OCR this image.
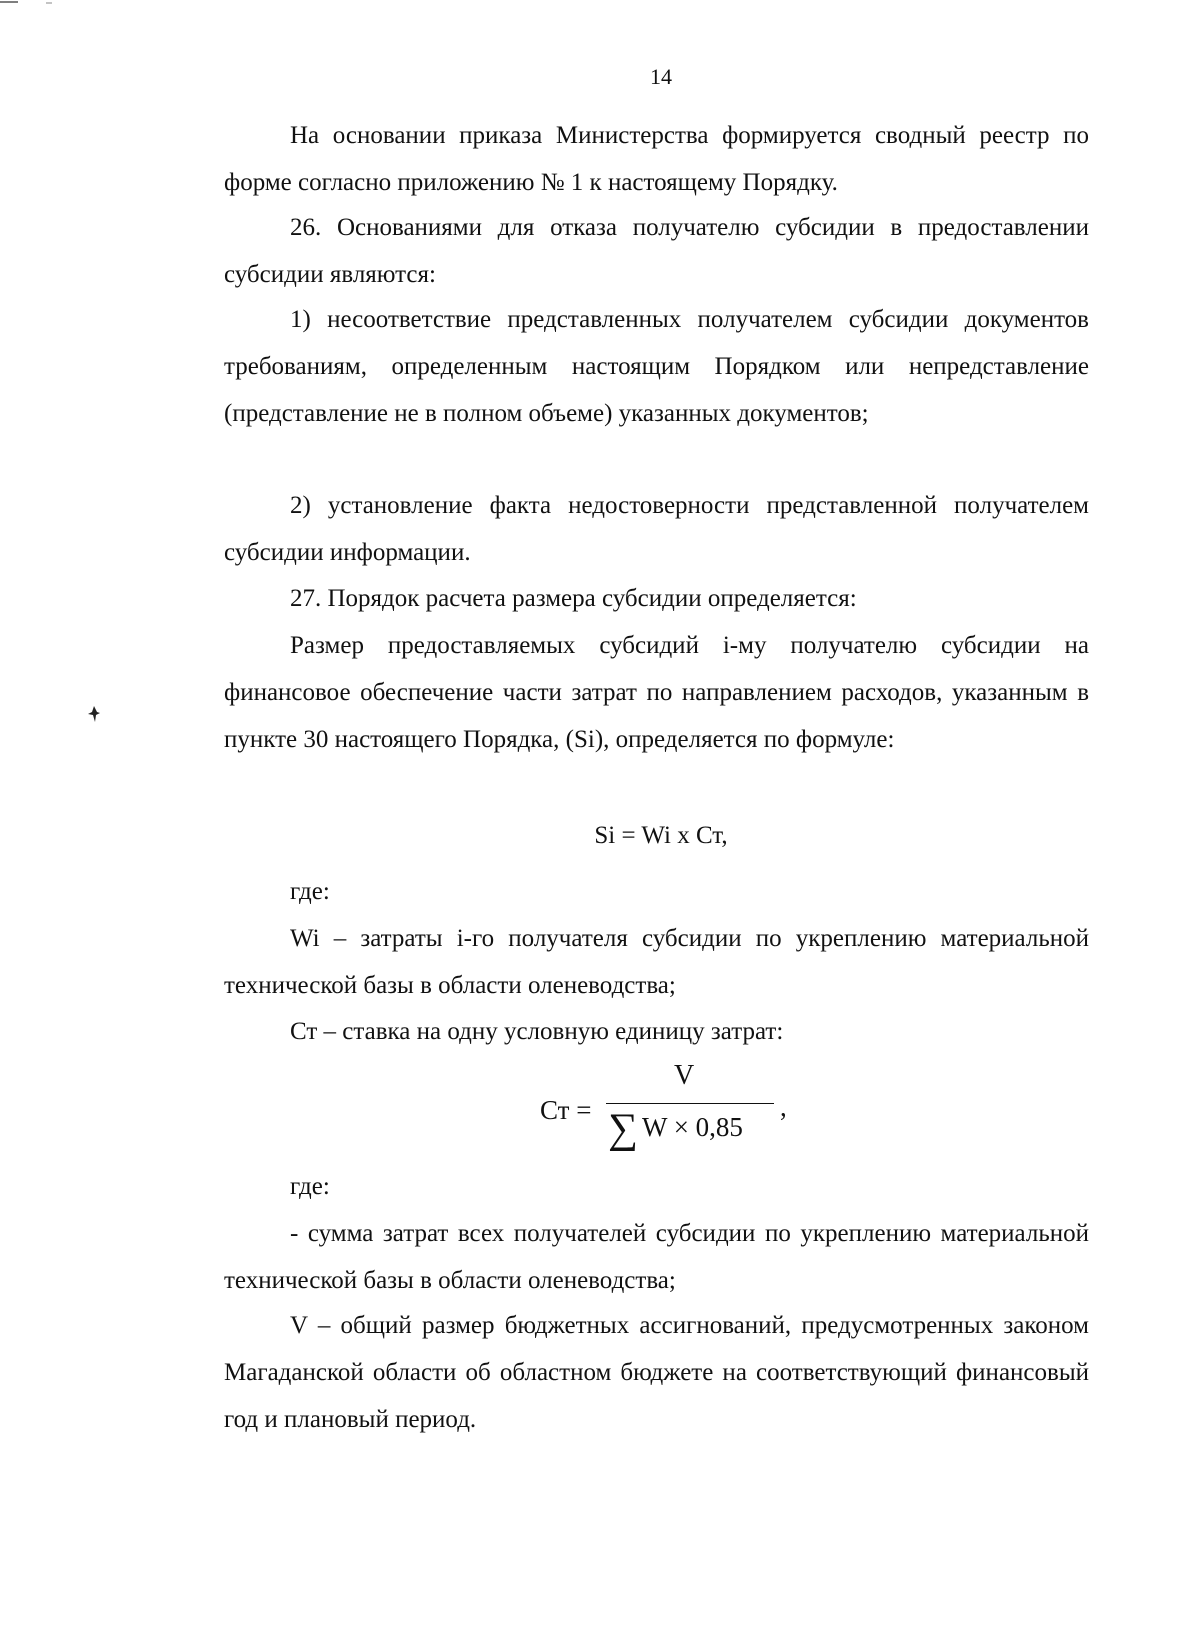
14

На основании приказа Министерства формируется сводный реестр по форме согласно приложению № 1 к настоящему Порядку.

26. Основаниями для отказа получателю субсидии в предоставлении субсидии являются:

1) несоответствие представленных получателем субсидии документов требованиям, определенным настоящим Порядком или непредставление (представление не в полном объеме) указанных документов;

2) установление факта недостоверности представленной получателем субсидии информации.

27. Порядок расчета размера субсидии определяется:

Размер предоставляемых субсидий i-му получателю субсидии на финансовое обеспечение части затрат по направлением расходов, указанным в пункте 30 настоящего Порядка, (Si), определяется по формуле:

Si = Wi x Ст,

где:

Wi – затраты i-го получателя субсидии по укреплению материальной технической базы в области оленеводства;

Ст – ставка на одну условную единицу затрат:

Ст =
V
∑ W × 0,85
,

где:

- сумма затрат всех получателей субсидии по укреплению материальной технической базы в области оленеводства;

V – общий размер бюджетных ассигнований, предусмотренных законом Магаданской области об областном бюджете на соответствующий финансовый год и плановый период.
